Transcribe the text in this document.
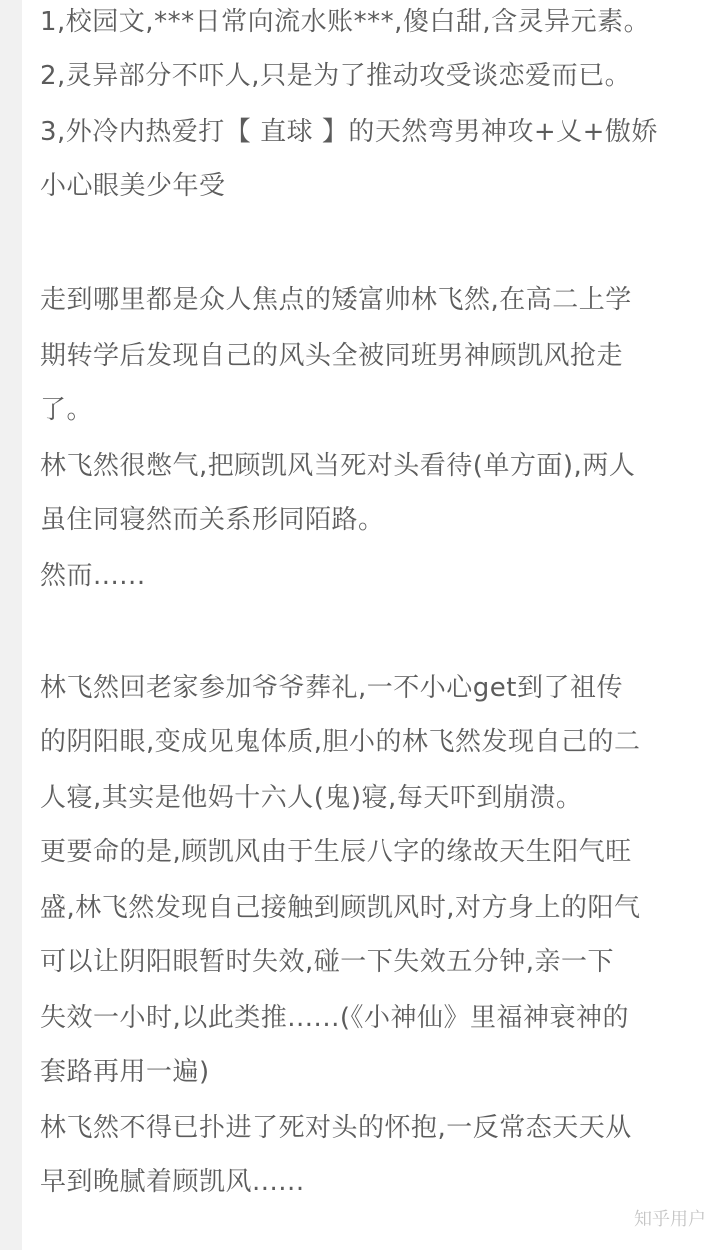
1,校园文,***日常向流水账***,傻白甜,含灵异元素。
2,灵异部分不吓人,只是为了推动攻受谈恋爱而已。
3,外冷内热爱打【 直球 】的天然弯男神攻+乂+傲娇
小心眼美少年受
走到哪里都是众人焦点的矮富帅林飞然,在高二上学
期转学后发现自己的风头全被同班男神顾凯风抢走
了。
林飞然很憋气,把顾凯风当死对头看待(单方面),两人
虽住同寝然而关系形同陌路。
然而......
林飞然回老家参加爷爷葬礼,一不小心get到了祖传
的阴阳眼,变成见鬼体质,胆小的林飞然发现自己的二
人寝,其实是他妈十六人(鬼)寝,每天吓到崩溃。
更要命的是,顾凯风由于生辰八字的缘故天生阳气旺
盛,林飞然发现自己接触到顾凯风时,对方身上的阳气
可以让阴阳眼暂时失效,碰一下失效五分钟,亲一下
失效一小时,以此类推......(《小神仙》里福神衰神的
套路再用一遍)
林飞然不得已扑进了死对头的怀抱,一反常态天天从
早到晚腻着顾凯风......
知乎用户
